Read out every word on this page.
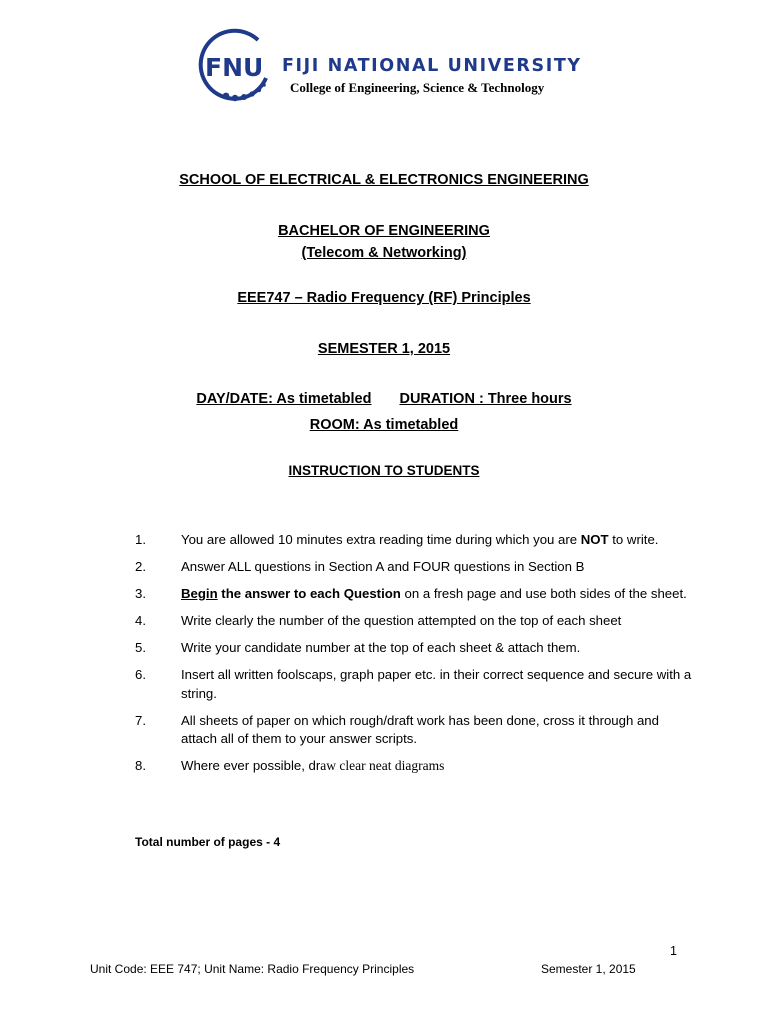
FNU FIJI NATIONAL UNIVERSITY
College of Engineering, Science & Technology
SCHOOL OF ELECTRICAL & ELECTRONICS ENGINEERING
BACHELOR OF ENGINEERING
(Telecom & Networking)
EEE747 – Radio Frequency (RF) Principles
SEMESTER 1, 2015
DAY/DATE: As timetabled DURATION : Three hours
ROOM: As timetabled
INSTRUCTION TO STUDENTS
1.	You are allowed 10 minutes extra reading time during which you are NOT to write.
2.	Answer ALL questions in Section A and FOUR questions in Section B
3.	Begin the answer to each Question on a fresh page and use both sides of the sheet.
4.	Write clearly the number of the question attempted on the top of each sheet
5.	Write your candidate number at the top of each sheet & attach them.
6.	Insert all written foolscaps, graph paper etc. in their correct sequence and secure with a string.
7.	All sheets of paper on which rough/draft work has been done, cross it through and attach all of them to your answer scripts.
8.	Where ever possible, draw clear neat diagrams
Total number of pages - 4
1
Unit Code: EEE 747; Unit Name: Radio Frequency Principles	Semester 1, 2015
